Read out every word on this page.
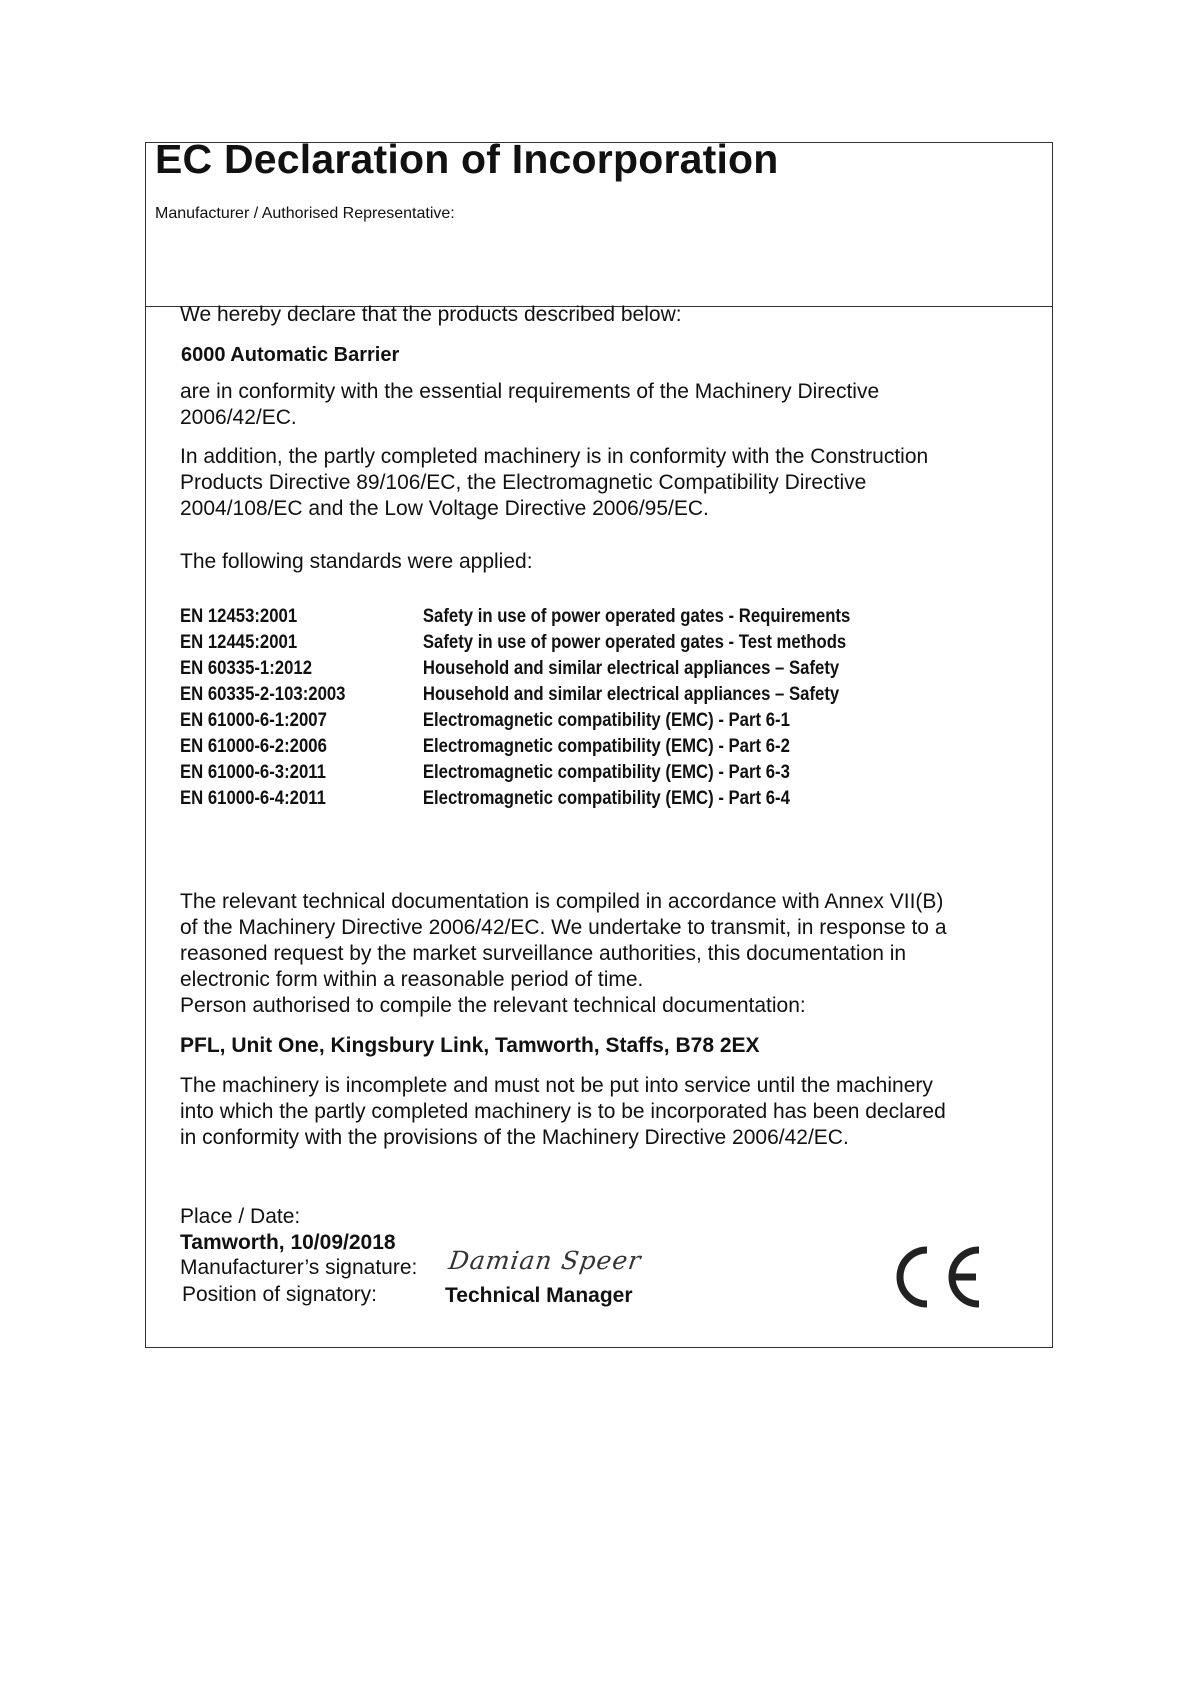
EC Declaration of Incorporation
Manufacturer / Authorised Representative:
We hereby declare that the products described below:
6000 Automatic Barrier
are in conformity with the essential requirements of the Machinery Directive
2006/42/EC.
In addition, the partly completed machinery is in conformity with the Construction
Products Directive 89/106/EC, the Electromagnetic Compatibility Directive
2004/108/EC and the Low Voltage Directive 2006/95/EC.
The following standards were applied:
EN 12453:2001	Safety in use of power operated gates - Requirements
EN 12445:2001	Safety in use of power operated gates - Test methods
EN 60335-1:2012	Household and similar electrical appliances – Safety
EN 60335-2-103:2003	Household and similar electrical appliances – Safety
EN 61000-6-1:2007	Electromagnetic compatibility (EMC) - Part 6-1
EN 61000-6-2:2006	Electromagnetic compatibility (EMC) - Part 6-2
EN 61000-6-3:2011	Electromagnetic compatibility (EMC) - Part 6-3
EN 61000-6-4:2011	Electromagnetic compatibility (EMC) - Part 6-4
The relevant technical documentation is compiled in accordance with Annex VII(B)
of the Machinery Directive 2006/42/EC. We undertake to transmit, in response to a
reasoned request by the market surveillance authorities, this documentation in
electronic form within a reasonable period of time.
Person authorised to compile the relevant technical documentation:
PFL, Unit One, Kingsbury Link, Tamworth, Staffs, B78 2EX
The machinery is incomplete and must not be put into service until the machinery
into which the partly completed machinery is to be incorporated has been declared
in conformity with the provisions of the Machinery Directive 2006/42/EC.
Place / Date:
Tamworth, 10/09/2018
Manufacturer’s signature:	Damian Speer
Position of signatory:	Technical Manager
